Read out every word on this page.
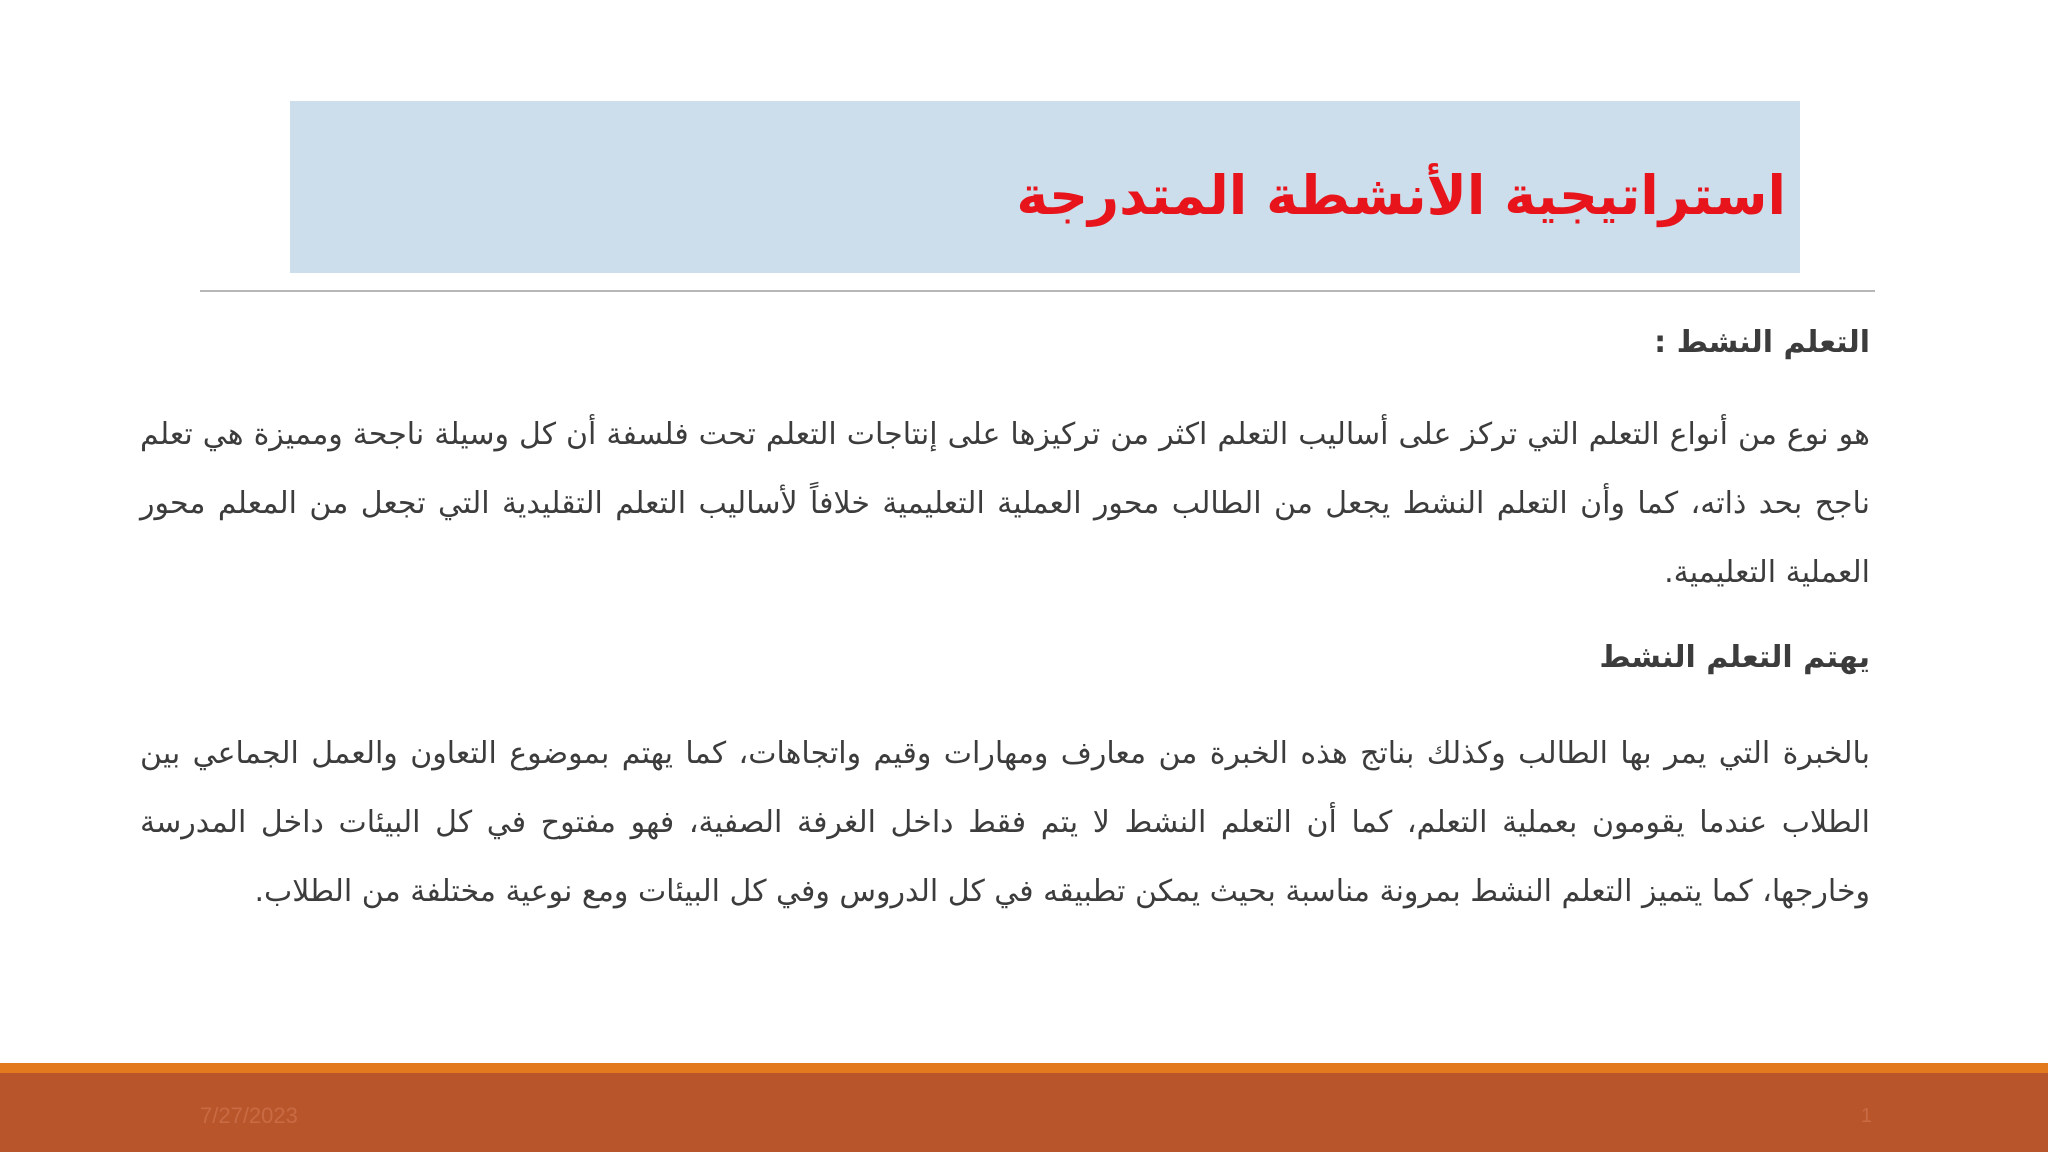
استراتيجية الأنشطة المتدرجة

التعلم النشط :

هو نوع من أنواع التعلم التي تركز على أساليب التعلم اكثر من تركيزها على إنتاجات التعلم تحت فلسفة أن كل وسيلة ناجحة ومميزة هي تعلم ناجح بحد ذاته، كما وأن التعلم النشط يجعل من الطالب محور العملية التعليمية خلافاً لأساليب التعلم التقليدية التي تجعل من المعلم محور العملية التعليمية.

يهتم التعلم النشط

بالخبرة التي يمر بها الطالب وكذلك بناتج هذه الخبرة من معارف ومهارات وقيم واتجاهات، كما يهتم بموضوع التعاون والعمل الجماعي بين الطلاب عندما يقومون بعملية التعلم، كما أن التعلم النشط لا يتم فقط داخل الغرفة الصفية، فهو مفتوح في كل البيئات داخل المدرسة وخارجها، كما يتميز التعلم النشط بمرونة مناسبة بحيث يمكن تطبيقه في كل الدروس وفي كل البيئات ومع نوعية مختلفة من الطلاب.

7/27/2023	1
